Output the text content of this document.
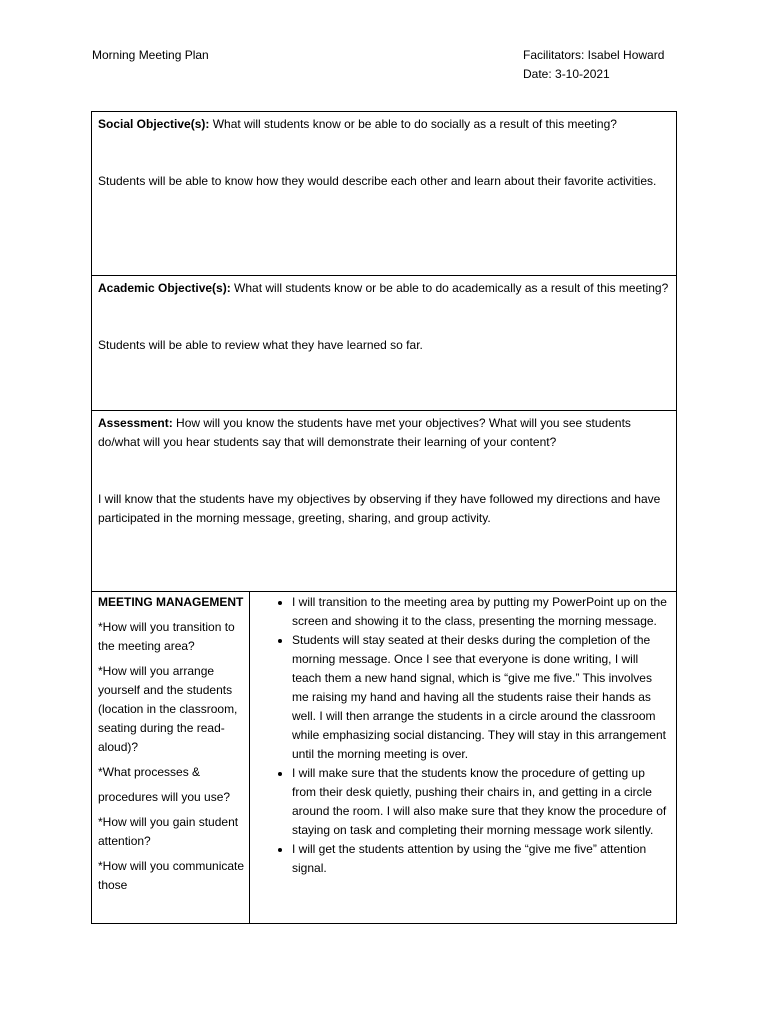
Morning Meeting Plan	Facilitators: Isabel Howard
Date: 3-10-2021

Social Objective(s): What will students know or be able to do socially as a result of this meeting?

Students will be able to know how they would describe each other and learn about their favorite activities.

Academic Objective(s): What will students know or be able to do academically as a result of this meeting?

Students will be able to review what they have learned so far.

Assessment: How will you know the students have met your objectives? What will you see students do/what will you hear students say that will demonstrate their learning of your content?

I will know that the students have my objectives by observing if they have followed my directions and have participated in the morning message, greeting, sharing, and group activity.

MEETING MANAGEMENT

*How will you transition to the meeting area?

*How will you arrange yourself and the students (location in the classroom, seating during the read-aloud)?

*What processes &

procedures will you use?

*How will you gain student attention?

*How will you communicate those

• I will transition to the meeting area by putting my PowerPoint up on the screen and showing it to the class, presenting the morning message.
• Students will stay seated at their desks during the completion of the morning message. Once I see that everyone is done writing, I will teach them a new hand signal, which is “give me five.” This involves me raising my hand and having all the students raise their hands as well. I will then arrange the students in a circle around the classroom while emphasizing social distancing. They will stay in this arrangement until the morning meeting is over.
• I will make sure that the students know the procedure of getting up from their desk quietly, pushing their chairs in, and getting in a circle around the room. I will also make sure that they know the procedure of staying on task and completing their morning message work silently.
• I will get the students attention by using the “give me five” attention signal.
